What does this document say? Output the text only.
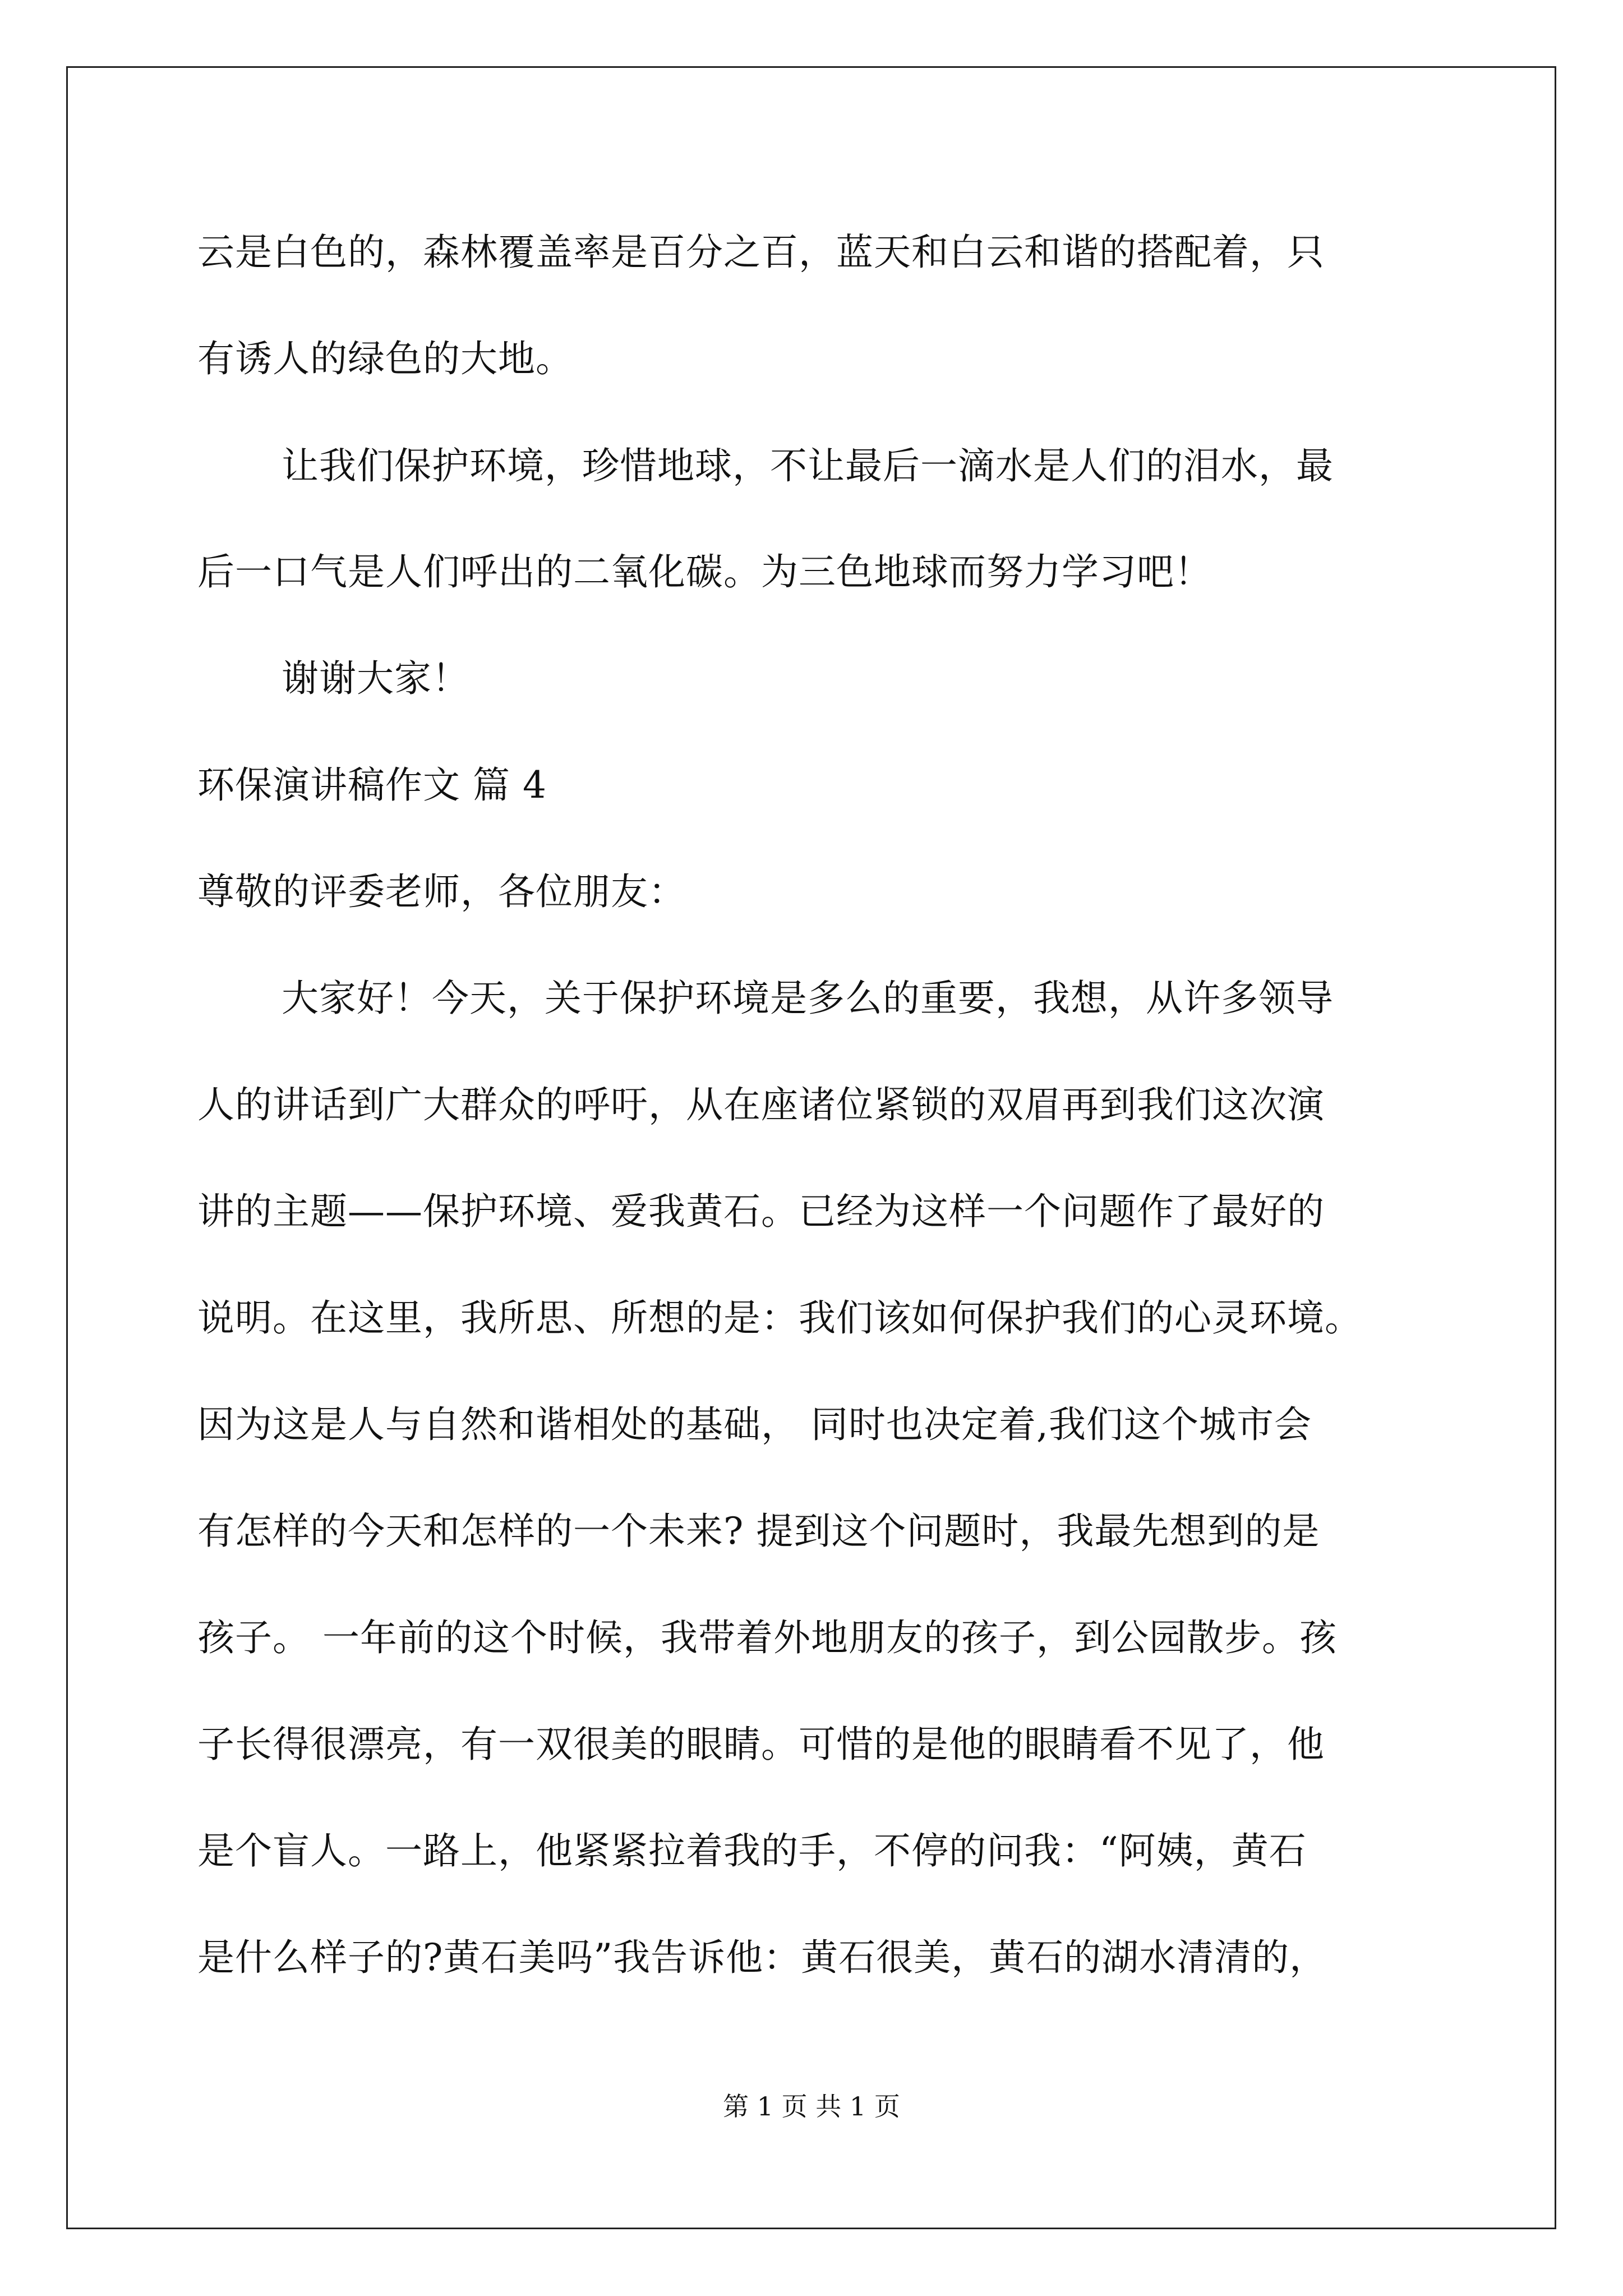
云是白色的，森林覆盖率是百分之百，蓝天和白云和谐的搭配着，只
有诱人的绿色的大地。
让我们保护环境，珍惜地球，不让最后一滴水是人们的泪水，最
后一口气是人们呼出的二氧化碳。为三色地球而努力学习吧！
谢谢大家！
环保演讲稿作文 篇 4
尊敬的评委老师，各位朋友：
大家好！今天，关于保护环境是多么的重要，我想，从许多领导
人的讲话到广大群众的呼吁，从在座诸位紧锁的双眉再到我们这次演
讲的主题——保护环境、爱我黄石。已经为这样一个问题作了最好的
说明。在这里，我所思、所想的是：我们该如何保护我们的心灵环境。
因为这是人与自然和谐相处的基础， 同时也决定着,我们这个城市会
有怎样的今天和怎样的一个未来? 提到这个问题时，我最先想到的是
孩子。 一年前的这个时候，我带着外地朋友的孩子，到公园散步。孩
子长得很漂亮，有一双很美的眼睛。可惜的是他的眼睛看不见了，他
是个盲人。一路上，他紧紧拉着我的手，不停的问我：“阿姨，黄石
是什么样子的?黄石美吗”我告诉他：黄石很美，黄石的湖水清清的，
第 1 页 共 1 页
